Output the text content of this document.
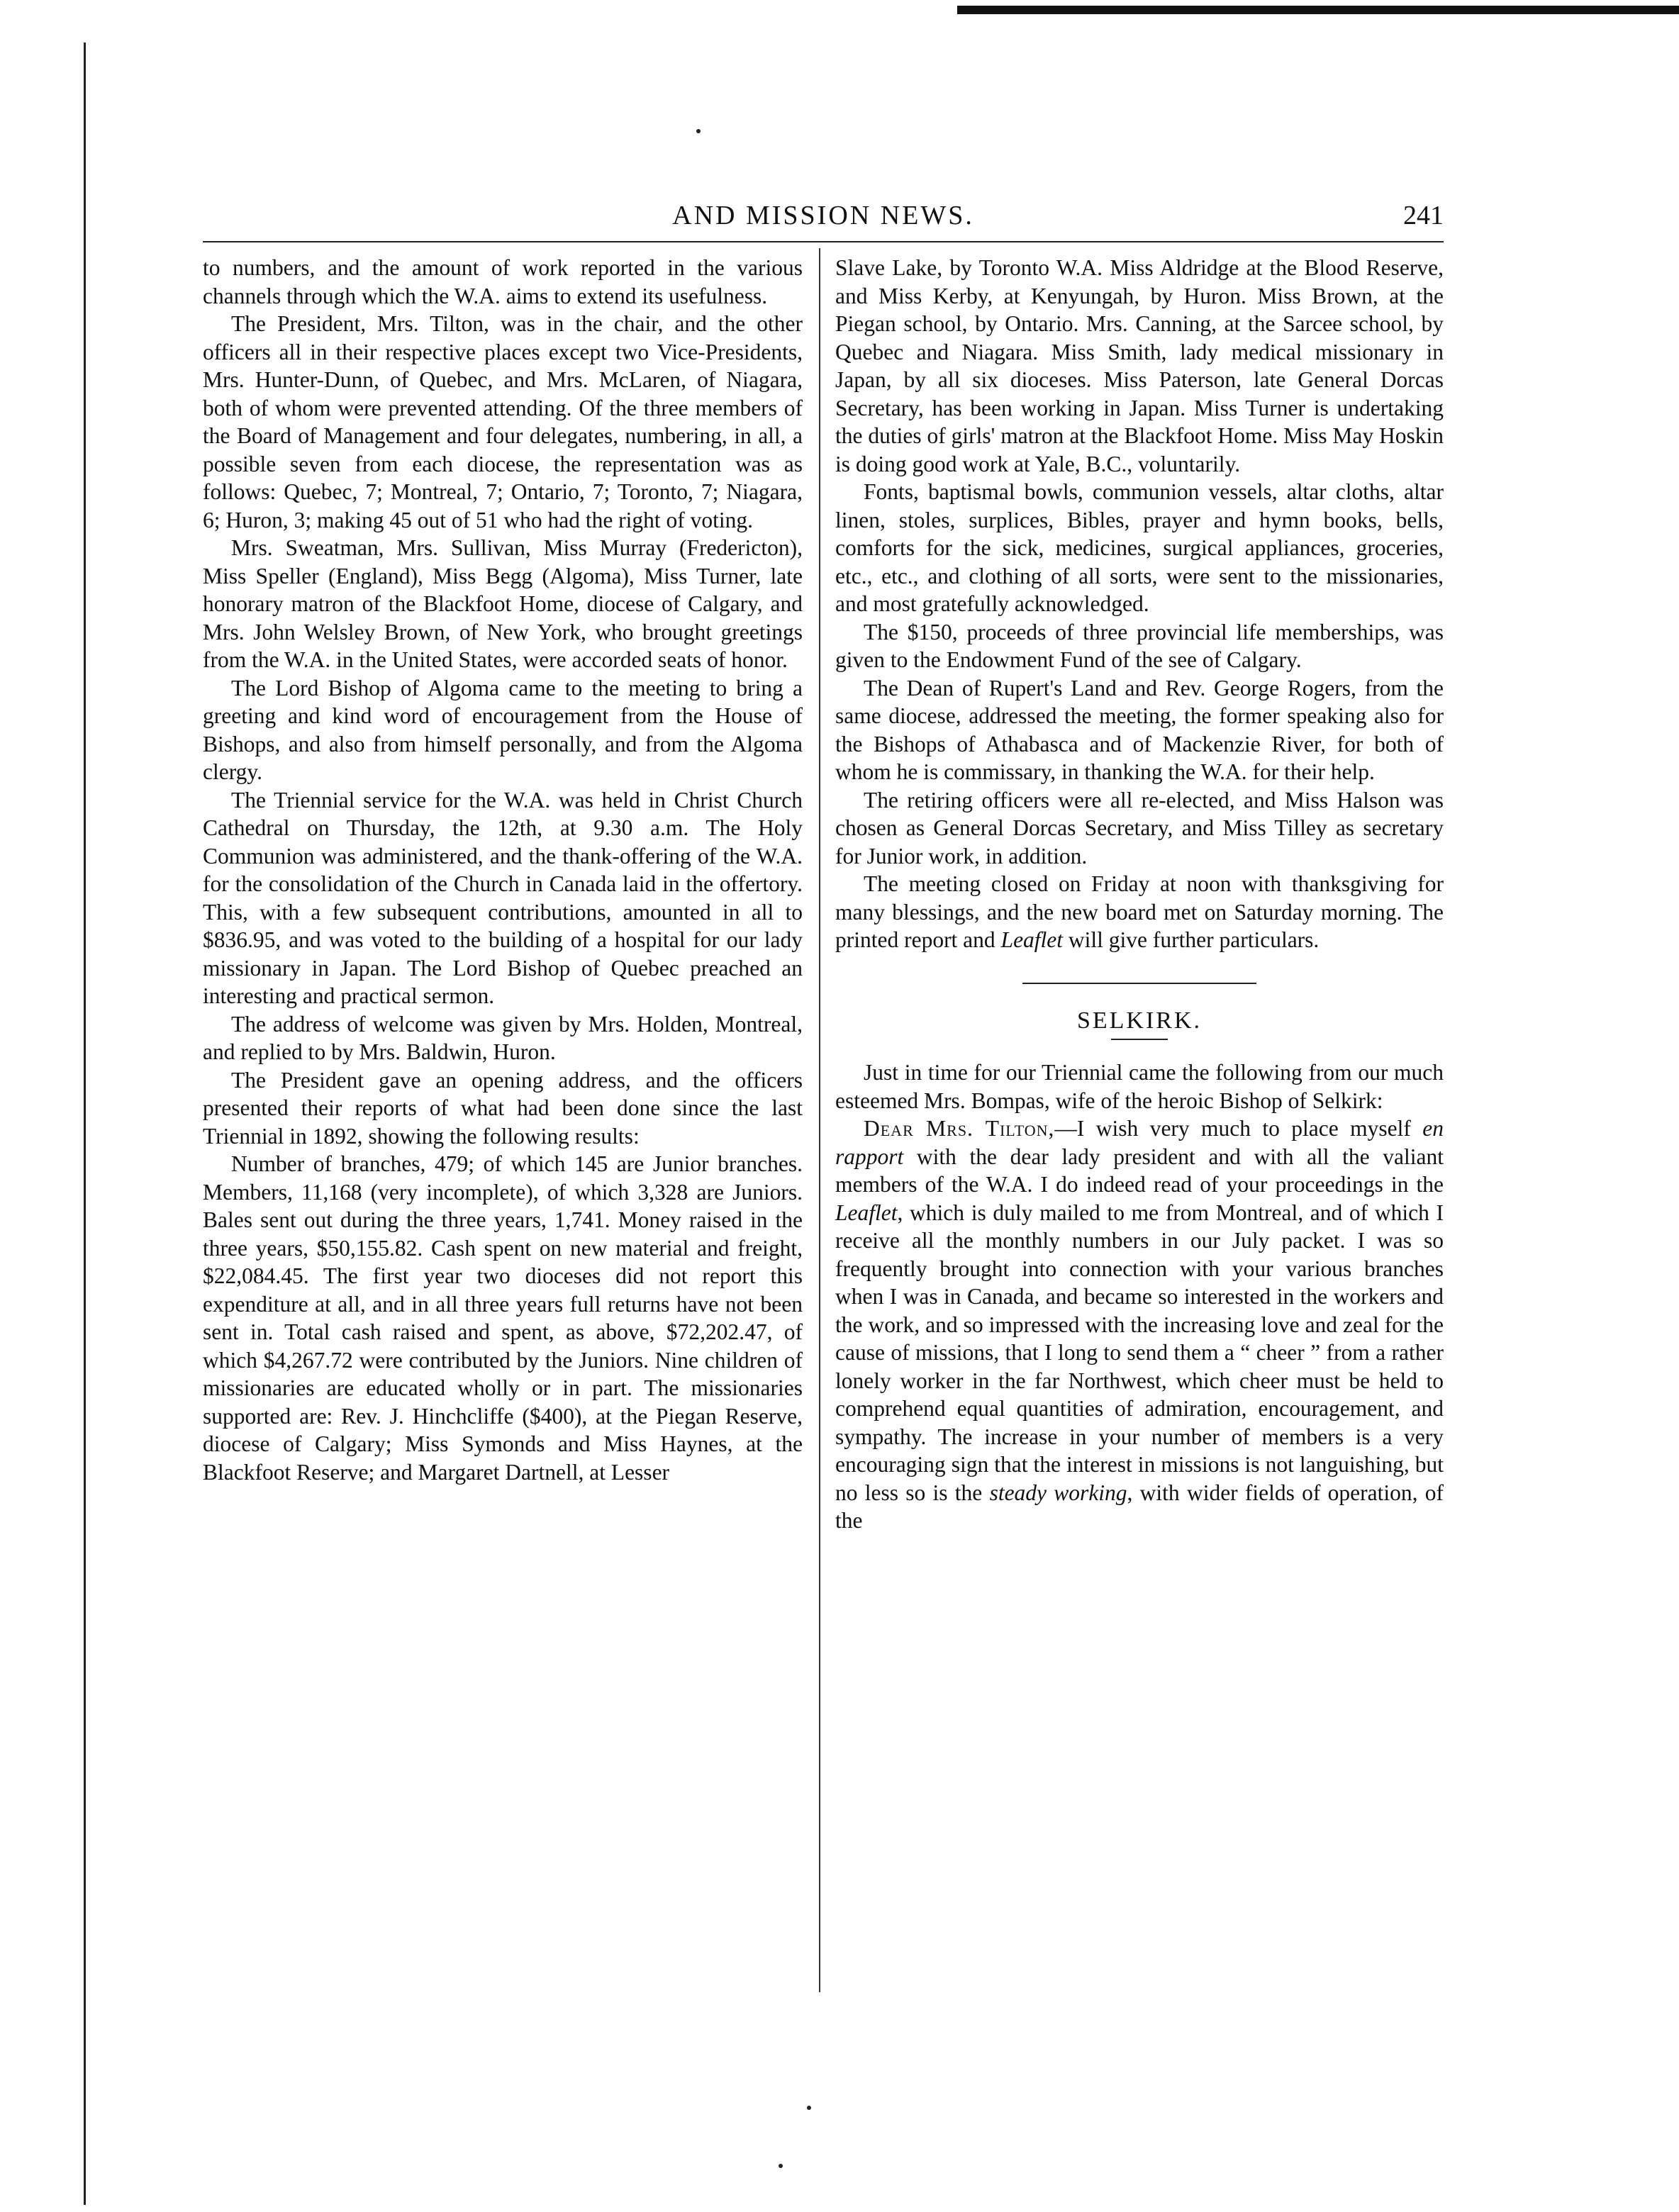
AND MISSION NEWS.	241

to numbers, and the amount of work reported in the various channels through which the W.A. aims to extend its usefulness.

The President, Mrs. Tilton, was in the chair, and the other officers all in their respective places except two Vice-Presidents, Mrs. Hunter-Dunn, of Quebec, and Mrs. McLaren, of Niagara, both of whom were prevented attending. Of the three members of the Board of Management and four delegates, numbering, in all, a possible seven from each diocese, the representation was as follows: Quebec, 7; Montreal, 7; Ontario, 7; Toronto, 7; Niagara, 6; Huron, 3; making 45 out of 51 who had the right of voting.

Mrs. Sweatman, Mrs. Sullivan, Miss Murray (Fredericton), Miss Speller (England), Miss Begg (Algoma), Miss Turner, late honorary matron of the Blackfoot Home, diocese of Calgary, and Mrs. John Welsley Brown, of New York, who brought greetings from the W.A. in the United States, were accorded seats of honor.

The Lord Bishop of Algoma came to the meeting to bring a greeting and kind word of encouragement from the House of Bishops, and also from himself personally, and from the Algoma clergy.

The Triennial service for the W.A. was held in Christ Church Cathedral on Thursday, the 12th, at 9.30 a.m. The Holy Communion was administered, and the thank-offering of the W.A. for the consolidation of the Church in Canada laid in the offertory. This, with a few subsequent contributions, amounted in all to $836.95, and was voted to the building of a hospital for our lady missionary in Japan. The Lord Bishop of Quebec preached an interesting and practical sermon.

The address of welcome was given by Mrs. Holden, Montreal, and replied to by Mrs. Baldwin, Huron.

The President gave an opening address, and the officers presented their reports of what had been done since the last Triennial in 1892, showing the following results:

Number of branches, 479; of which 145 are Junior branches. Members, 11,168 (very incomplete), of which 3,328 are Juniors. Bales sent out during the three years, 1,741. Money raised in the three years, $50,155.82. Cash spent on new material and freight, $22,084.45. The first year two dioceses did not report this expenditure at all, and in all three years full returns have not been sent in. Total cash raised and spent, as above, $72,202.47, of which $4,267.72 were contributed by the Juniors. Nine children of missionaries are educated wholly or in part. The missionaries supported are: Rev. J. Hinchcliffe ($400), at the Piegan Reserve, diocese of Calgary; Miss Symonds and Miss Haynes, at the Blackfoot Reserve; and Margaret Dartnell, at Lesser

Slave Lake, by Toronto W.A. Miss Aldridge at the Blood Reserve, and Miss Kerby, at Kenyungah, by Huron. Miss Brown, at the Piegan school, by Ontario. Mrs. Canning, at the Sarcee school, by Quebec and Niagara. Miss Smith, lady medical missionary in Japan, by all six dioceses. Miss Paterson, late General Dorcas Secretary, has been working in Japan. Miss Turner is undertaking the duties of girls' matron at the Blackfoot Home. Miss May Hoskin is doing good work at Yale, B.C., voluntarily.

Fonts, baptismal bowls, communion vessels, altar cloths, altar linen, stoles, surplices, Bibles, prayer and hymn books, bells, comforts for the sick, medicines, surgical appliances, groceries, etc., etc., and clothing of all sorts, were sent to the missionaries, and most gratefully acknowledged.

The $150, proceeds of three provincial life memberships, was given to the Endowment Fund of the see of Calgary.

The Dean of Rupert's Land and Rev. George Rogers, from the same diocese, addressed the meeting, the former speaking also for the Bishops of Athabasca and of Mackenzie River, for both of whom he is commissary, in thanking the W.A. for their help.

The retiring officers were all re-elected, and Miss Halson was chosen as General Dorcas Secretary, and Miss Tilley as secretary for Junior work, in addition.

The meeting closed on Friday at noon with thanksgiving for many blessings, and the new board met on Saturday morning. The printed report and Leaflet will give further particulars.

SELKIRK.

Just in time for our Triennial came the following from our much esteemed Mrs. Bompas, wife of the heroic Bishop of Selkirk:

Dear Mrs. Tilton,—I wish very much to place myself en rapport with the dear lady president and with all the valiant members of the W.A. I do indeed read of your proceedings in the Leaflet, which is duly mailed to me from Montreal, and of which I receive all the monthly numbers in our July packet. I was so frequently brought into connection with your various branches when I was in Canada, and became so interested in the workers and the work, and so impressed with the increasing love and zeal for the cause of missions, that I long to send them a “ cheer ” from a rather lonely worker in the far Northwest, which cheer must be held to comprehend equal quantities of admiration, encouragement, and sympathy. The increase in your number of members is a very encouraging sign that the interest in missions is not languishing, but no less so is the steady working, with wider fields of operation, of the
